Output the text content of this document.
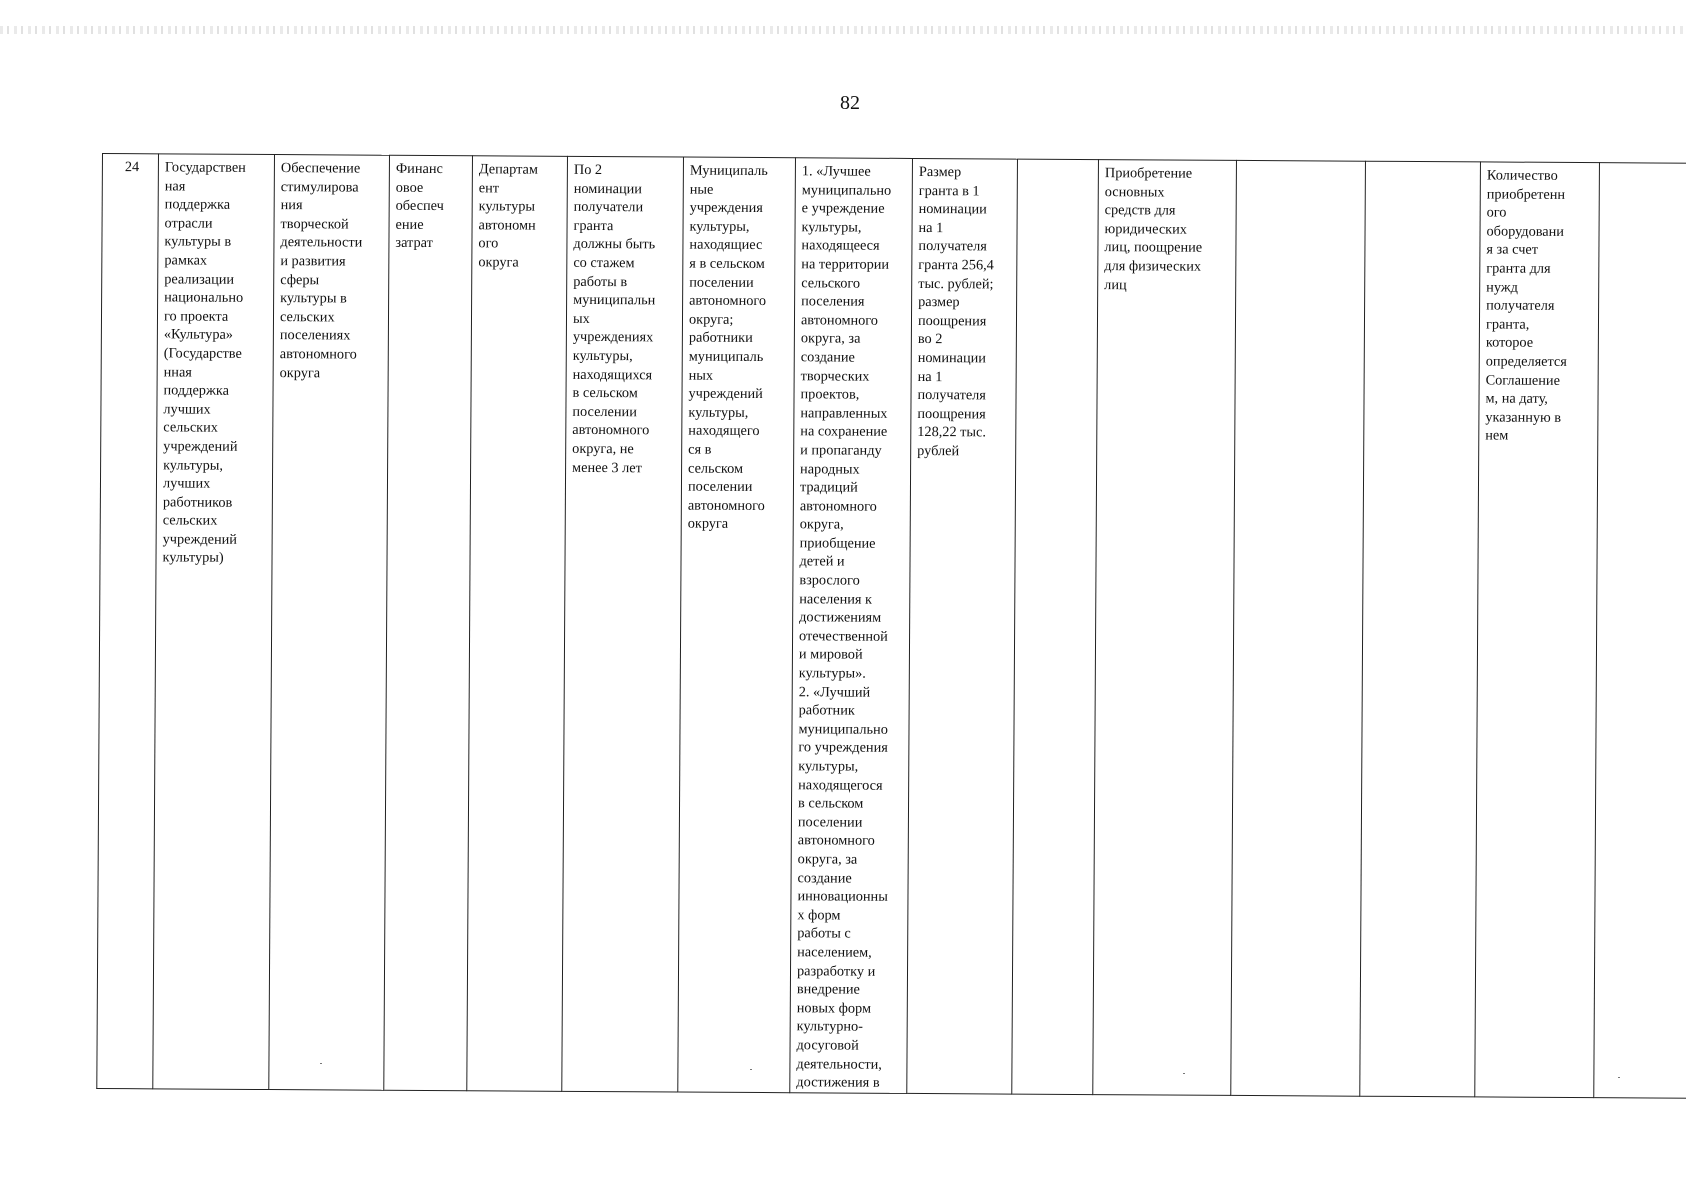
82
24	Государствен
ная
поддержка
отрасли
культуры в
рамках
реализации
национально
го проекта
«Культура»
(Государстве
нная
поддержка
лучших
сельских
учреждений
культуры,
лучших
работников
сельских
учреждений
культуры)	Обеспечение
стимулирова
ния
творческой
деятельности
и развития
сферы
культуры в
сельских
поселениях
автономного
округа	Финанс
овое
обеспеч
ение
затрат	Департам
ент
культуры
автономн
ого
округа	По 2
номинации
получатели
гранта
должны быть
со стажем
работы в
муниципальн
ых
учреждениях
культуры,
находящихся
в сельском
поселении
автономного
округа, не
менее 3 лет	Муниципаль
ные
учреждения
культуры,
находящиес
я в сельском
поселении
автономного
округа;
работники
муниципаль
ных
учреждений
культуры,
находящего
ся в
сельском
поселении
автономного
округа	1. «Лучшее
муниципально
е учреждение
культуры,
находящееся
на территории
сельского
поселения
автономного
округа, за
создание
творческих
проектов,
направленных
на сохранение
и пропаганду
народных
традиций
автономного
округа,
приобщение
детей и
взрослого
населения к
достижениям
отечественной
и мировой
культуры».
2. «Лучший
работник
муниципально
го учреждения
культуры,
находящегося
в сельском
поселении
автономного
округа, за
создание
инновационны
х форм
работы с
населением,
разработку и
внедрение
новых форм
культурно-
досуговой
деятельности,
достижения в	Размер
гранта в 1
номинации
на 1
получателя
гранта 256,4
тыс. рублей;
размер
поощрения
во 2
номинации
на 1
получателя
поощрения
128,22 тыс.
рублей		Приобретение
основных
средств для
юридических
лиц, поощрение
для физических
лиц			Количество
приобретенн
ого
оборудовани
я за счет
гранта для
нужд
получателя
гранта,
которое
определяется
Соглашение
м, на дату,
указанную в
нем	
